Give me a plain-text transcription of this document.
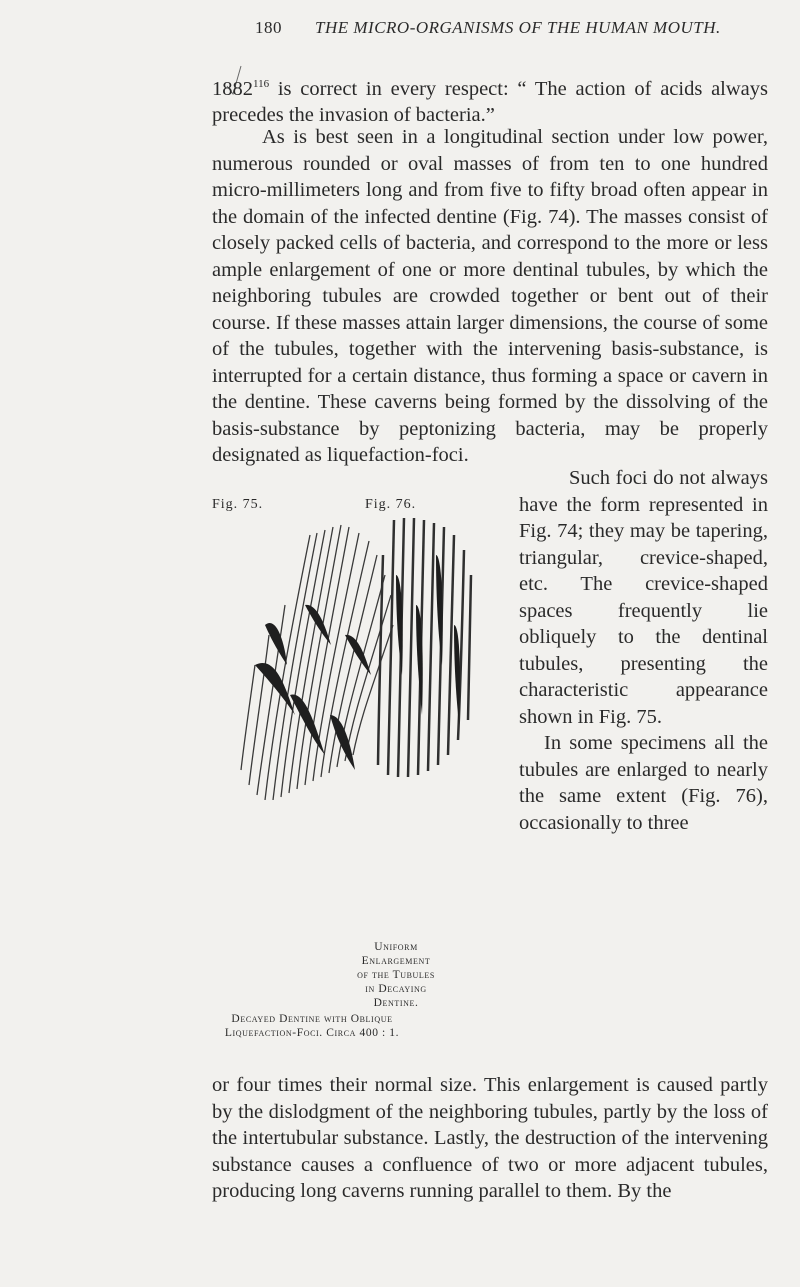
180 THE MICRO-ORGANISMS OF THE HUMAN MOUTH.
1882$^{116}$ is correct in every respect: “ The action of acids always precedes the invasion of bacteria.”
As is best seen in a longitudinal section under low power, numerous rounded or oval masses of from ten to one hundred micro-millimeters long and from five to fifty broad often appear in the domain of the infected dentine (Fig. 74). The masses consist of closely packed cells of bacteria, and correspond to the more or less ample enlargement of one or more dentinal tubules, by which the neighboring tubules are crowded together or bent out of their course. If these masses attain larger dimensions, the course of some of the tubules, together with the intervening basis-substance, is interrupted for a certain distance, thus forming a space or cavern in the dentine. These caverns being formed by the dissolving of the basis-substance by peptonizing bacteria, may be properly designated as liquefaction-foci.
Fig. 75.	Fig. 76.
Decayed Dentine with Oblique Liquefaction-Foci. Circa 400 : 1.
Uniform Enlargement of the Tubules in Decaying Dentine.
Such foci do not always have the form represented in Fig. 74; they may be tapering, triangular, crevice-shaped, etc. The crevice-shaped spaces frequently lie obliquely to the dentinal tubules, presenting the characteristic appearance shown in Fig. 75.
In some specimens all the tubules are enlarged to nearly the same extent (Fig. 76), occasionally to three
or four times their normal size. This enlargement is caused partly by the dislodgment of the neighboring tubules, partly by the loss of the intertubular substance. Lastly, the destruction of the intervening substance causes a confluence of two or more adjacent tubules, producing long caverns running parallel to them. By the
